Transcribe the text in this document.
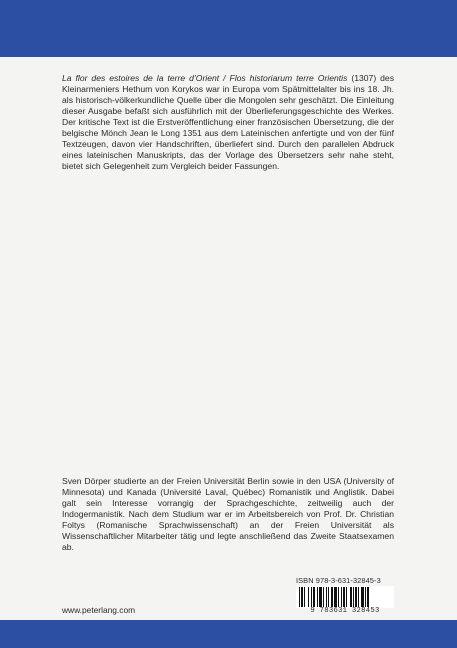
La flor des estoires de la terre d’Orient / Flos historiarum terre Orientis (1307) des Kleinarmeniers Hethum von Korykos war in Europa vom Spätmittelalter bis ins 18. Jh. als historisch-völkerkundliche Quelle über die Mongolen sehr geschätzt. Die Einleitung dieser Ausgabe befaßt sich ausführlich mit der Überlieferungsgeschichte des Werkes. Der kritische Text ist die Erstveröffentlichung einer französischen Übersetzung, die der belgische Mönch Jean le Long 1351 aus dem Lateinischen anfertigte und von der fünf Textzeugen, davon vier Handschriften, überliefert sind. Durch den parallelen Abdruck eines lateinischen Manuskripts, das der Vorlage des Übersetzers sehr nahe steht, bietet sich Gelegenheit zum Vergleich beider Fassungen.

Sven Dörper studierte an der Freien Universität Berlin sowie in den USA (University of Minnesota) und Kanada (Université Laval, Québec) Romanistik und Anglistik. Dabei galt sein Interesse vorrangig der Sprachgeschichte, zeitweilig auch der Indogermanistik. Nach dem Studium war er im Arbeitsbereich von Prof. Dr. Christian Foltys (Romanische Sprachwissenschaft) an der Freien Universität als Wissenschaftlicher Mitarbeiter tätig und legte anschließend das Zweite Staatsexamen ab.

ISBN 978-3-631-32845-3
9 783631 328453
www.peterlang.com
